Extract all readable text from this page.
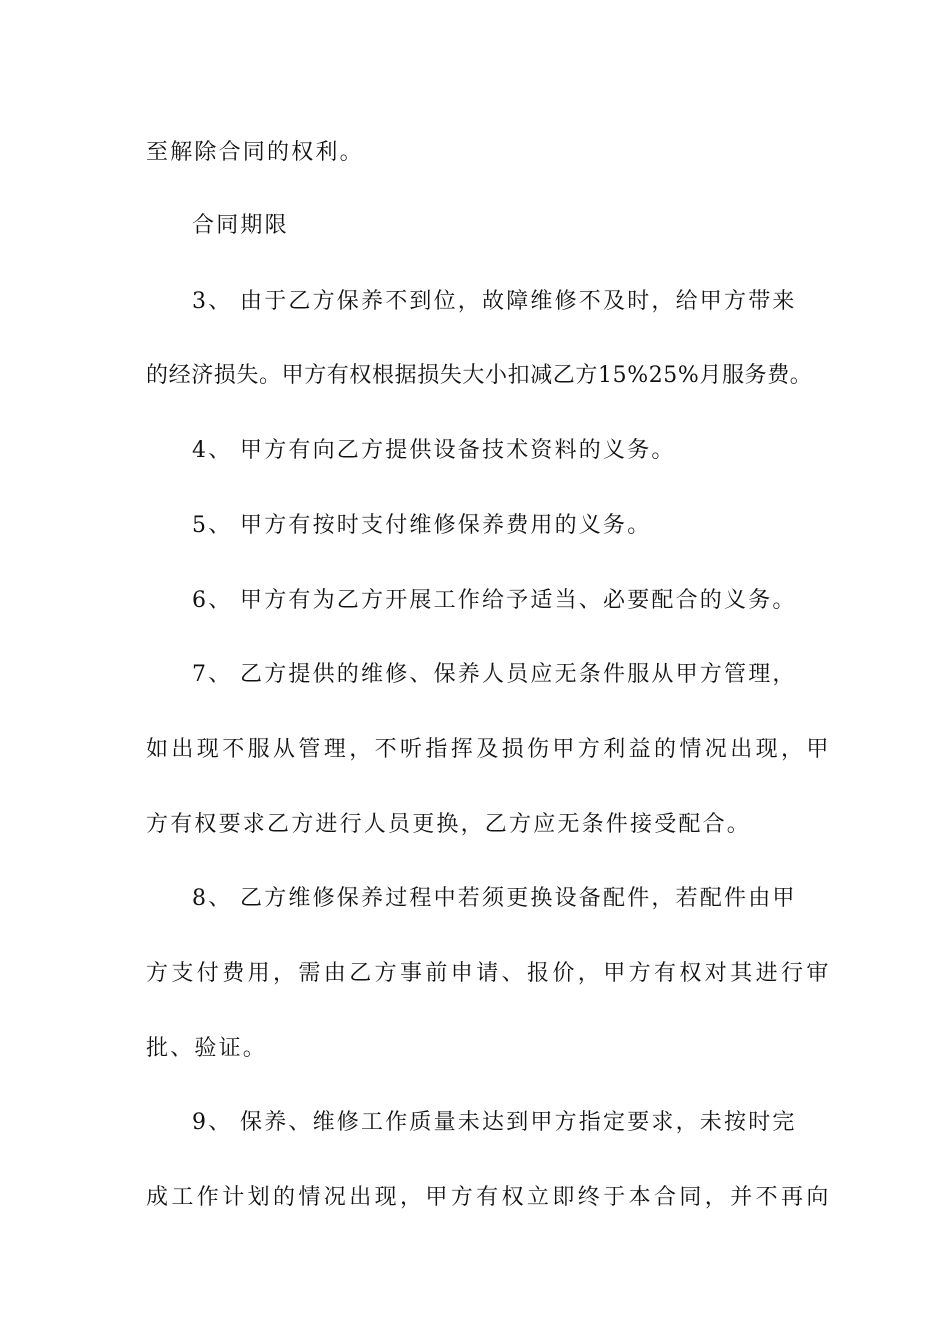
至解除合同的权利。
合同期限
3、 由于乙方保养不到位，故障维修不及时，给甲方带来
的经济损失。甲方有权根据损失大小扣减乙方15%25%月服务费。
4、 甲方有向乙方提供设备技术资料的义务。
5、 甲方有按时支付维修保养费用的义务。
6、 甲方有为乙方开展工作给予适当、必要配合的义务。
7、 乙方提供的维修、保养人员应无条件服从甲方管理，
如出现不服从管理，不听指挥及损伤甲方利益的情况出现，甲
方有权要求乙方进行人员更换，乙方应无条件接受配合。
8、 乙方维修保养过程中若须更换设备配件，若配件由甲
方支付费用，需由乙方事前申请、报价，甲方有权对其进行审
批、验证。
9、 保养、维修工作质量未达到甲方指定要求，未按时完
成工作计划的情况出现，甲方有权立即终于本合同，并不再向
